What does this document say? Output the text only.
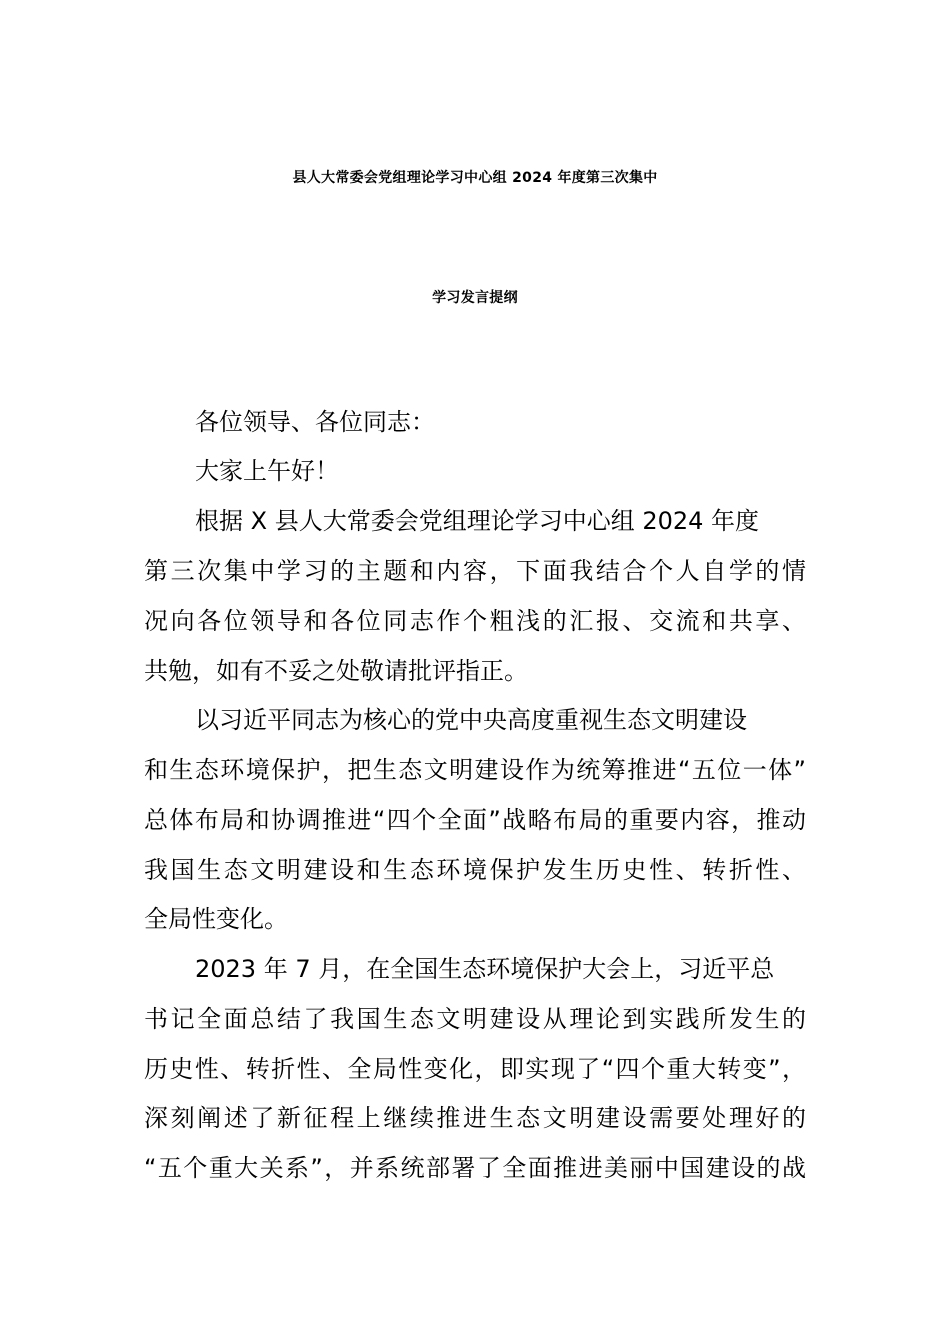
县人大常委会党组理论学习中心组 2024 年度第三次集中
学习发言提纲
各位领导、各位同志：
大家上午好！
根据 X 县人大常委会党组理论学习中心组 2024 年度
第三次集中学习的主题和内容，下面我结合个人自学的情
况向各位领导和各位同志作个粗浅的汇报、交流和共享、
共勉，如有不妥之处敬请批评指正。
以习近平同志为核心的党中央高度重视生态文明建设
和生态环境保护，把生态文明建设作为统筹推进“五位一体”
总体布局和协调推进“四个全面”战略布局的重要内容，推动
我国生态文明建设和生态环境保护发生历史性、转折性、
全局性变化。
2023 年 7 月，在全国生态环境保护大会上，习近平总
书记全面总结了我国生态文明建设从理论到实践所发生的
历史性、转折性、全局性变化，即实现了“四个重大转变”，
深刻阐述了新征程上继续推进生态文明建设需要处理好的
“五个重大关系”，并系统部署了全面推进美丽中国建设的战
